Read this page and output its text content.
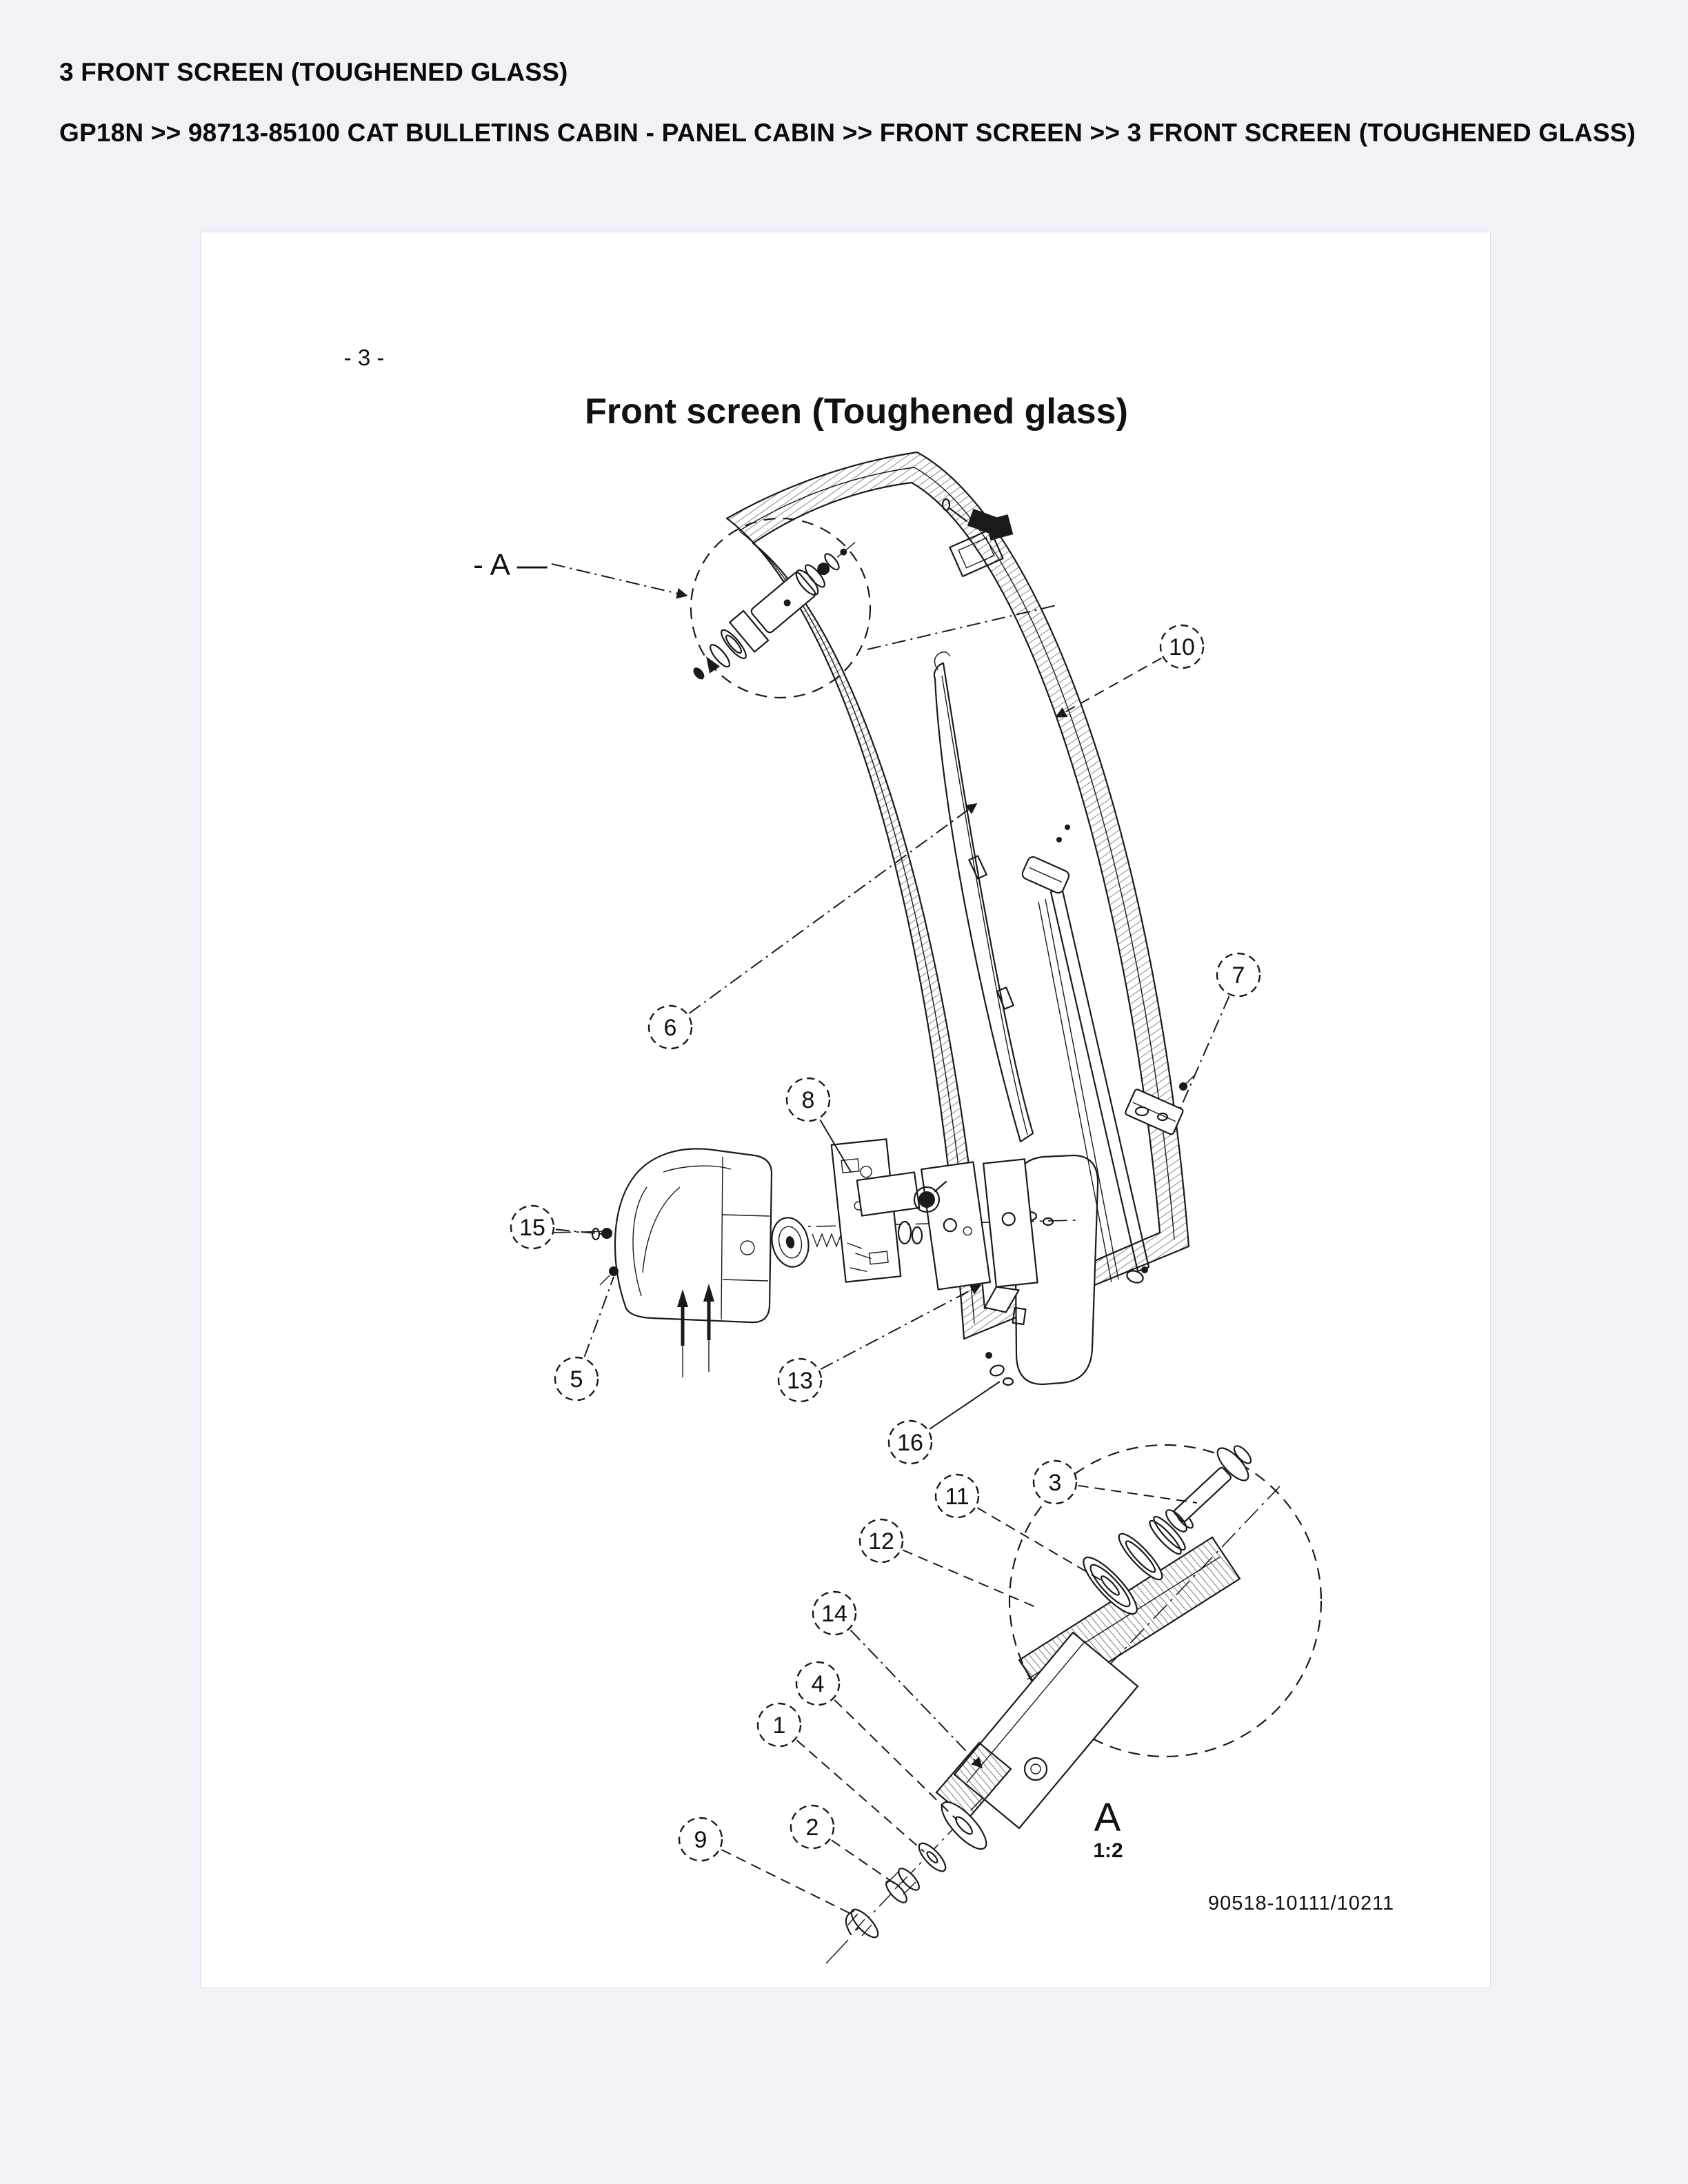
3 FRONT SCREEN (TOUGHENED GLASS)
GP18N >> 98713-85100 CAT BULLETINS CABIN - PANEL CABIN >> FRONT SCREEN >> 3 FRONT SCREEN (TOUGHENED GLASS)
- 3 -
Front screen (Toughened glass)
- A —
A
1:2
90518-10111/10211
1
2
3
4
5
6
7
8
9
10
11
12
13
14
15
16
